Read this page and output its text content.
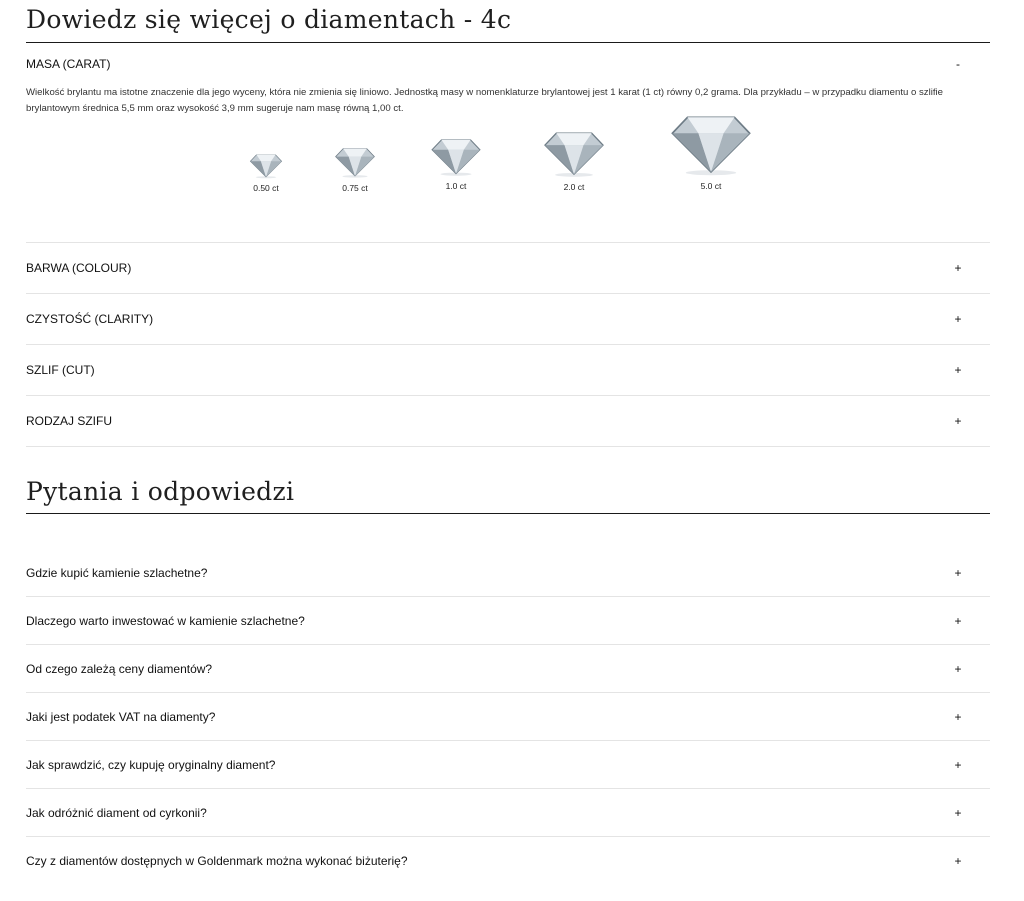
Dowiedz się więcej o diamentach - 4c
MASA (CARAT)	-

Wielkość brylantu ma istotne znaczenie dla jego wyceny, która nie zmienia się liniowo. Jednostką masy w nomenklaturze brylantowej jest 1 karat (1 ct) równy 0,2 grama. Dla przykładu – w przypadku diamentu o szlifie brylantowym średnica 5,5 mm oraz wysokość 3,9 mm sugeruje nam masę równą 1,00 ct.

0.50 ct	0.75 ct	1.0 ct	2.0 ct	5.0 ct
BARWA (COLOUR)	+
CZYSTOŚĆ (CLARITY)	+
SZLIF (CUT)	+
RODZAJ SZIFU	+
Pytania i odpowiedzi
Gdzie kupić kamienie szlachetne?	+
Dlaczego warto inwestować w kamienie szlachetne?	+
Od czego zależą ceny diamentów?	+
Jaki jest podatek VAT na diamenty?	+
Jak sprawdzić, czy kupuję oryginalny diament?	+
Jak odróżnić diament od cyrkonii?	+
Czy z diamentów dostępnych w Goldenmark można wykonać biżuterię?	+
